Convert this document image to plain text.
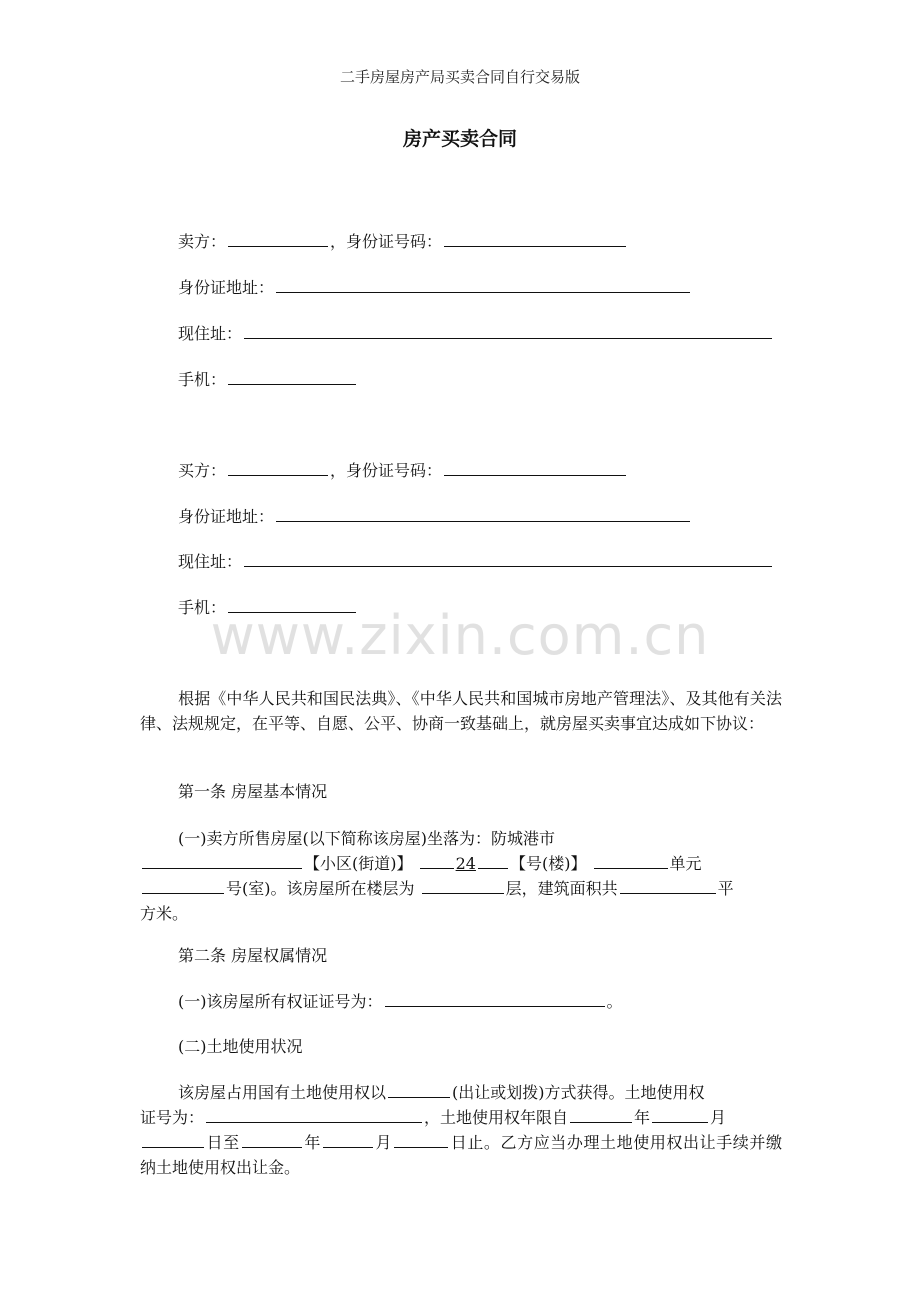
二手房屋房产局买卖合同自行交易版
房产买卖合同
卖方：	，身份证号码：
身份证地址：
现住址：
手机：
买方：	，身份证号码：
身份证地址：
现住址：
手机：
www.zixin.com.cn
根据《中华人民共和国民法典》、《中华人民共和国城市房地产管理法》、及其他有关法律、法规规定，在平等、自愿、公平、协商一致基础上，就房屋买卖事宜达成如下协议：
第一条 房屋基本情况
(一)卖方所售房屋(以下简称该房屋)坐落为：防城港市
【小区(街道)】	24 【号(楼)】	单元
号(室)。该房屋所在楼层为	层，建筑面积共	平
方米。
第二条 房屋权属情况
(一)该房屋所有权证证号为：	。
(二)土地使用状况
该房屋占用国有土地使用权以	(出让或划拨)方式获得。土地使用权
证号为：	，土地使用权年限自	年	月
日至	年	月	日止。乙方应当办理土地使用权出让手续并缴纳土地使用权出让金。
